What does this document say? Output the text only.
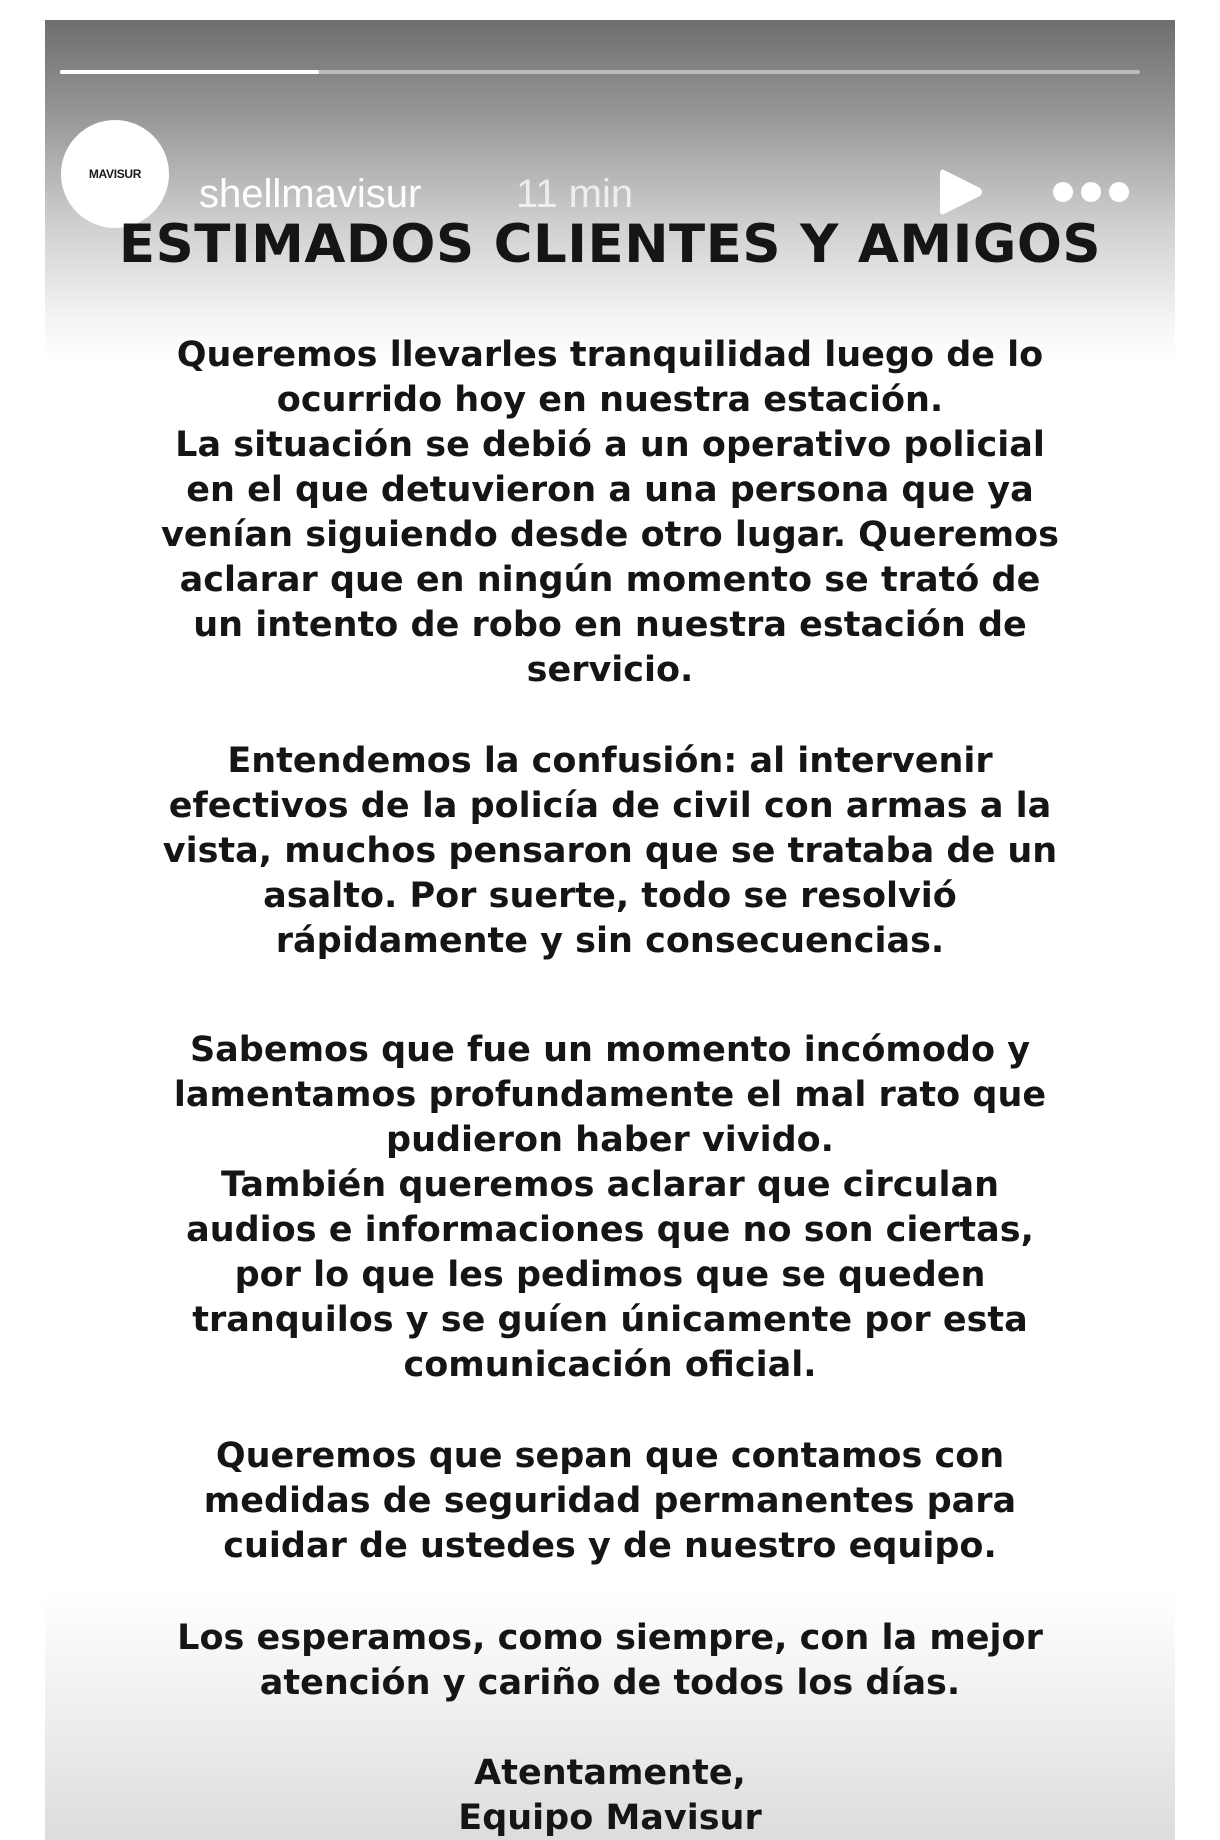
MAVISUR shellmavisur 11 min
ESTIMADOS CLIENTES Y AMIGOS

Queremos llevarles tranquilidad luego de lo
ocurrido hoy en nuestra estación.
La situación se debió a un operativo policial
en el que detuvieron a una persona que ya
venían siguiendo desde otro lugar. Queremos
aclarar que en ningún momento se trató de
un intento de robo en nuestra estación de
servicio.

Entendemos la confusión: al intervenir
efectivos de la policía de civil con armas a la
vista, muchos pensaron que se trataba de un
asalto. Por suerte, todo se resolvió
rápidamente y sin consecuencias.

Sabemos que fue un momento incómodo y
lamentamos profundamente el mal rato que
pudieron haber vivido.
También queremos aclarar que circulan
audios e informaciones que no son ciertas,
por lo que les pedimos que se queden
tranquilos y se guíen únicamente por esta
comunicación oficial.

Queremos que sepan que contamos con
medidas de seguridad permanentes para
cuidar de ustedes y de nuestro equipo.

Los esperamos, como siempre, con la mejor
atención y cariño de todos los días.

Atentamente,
Equipo Mavisur
